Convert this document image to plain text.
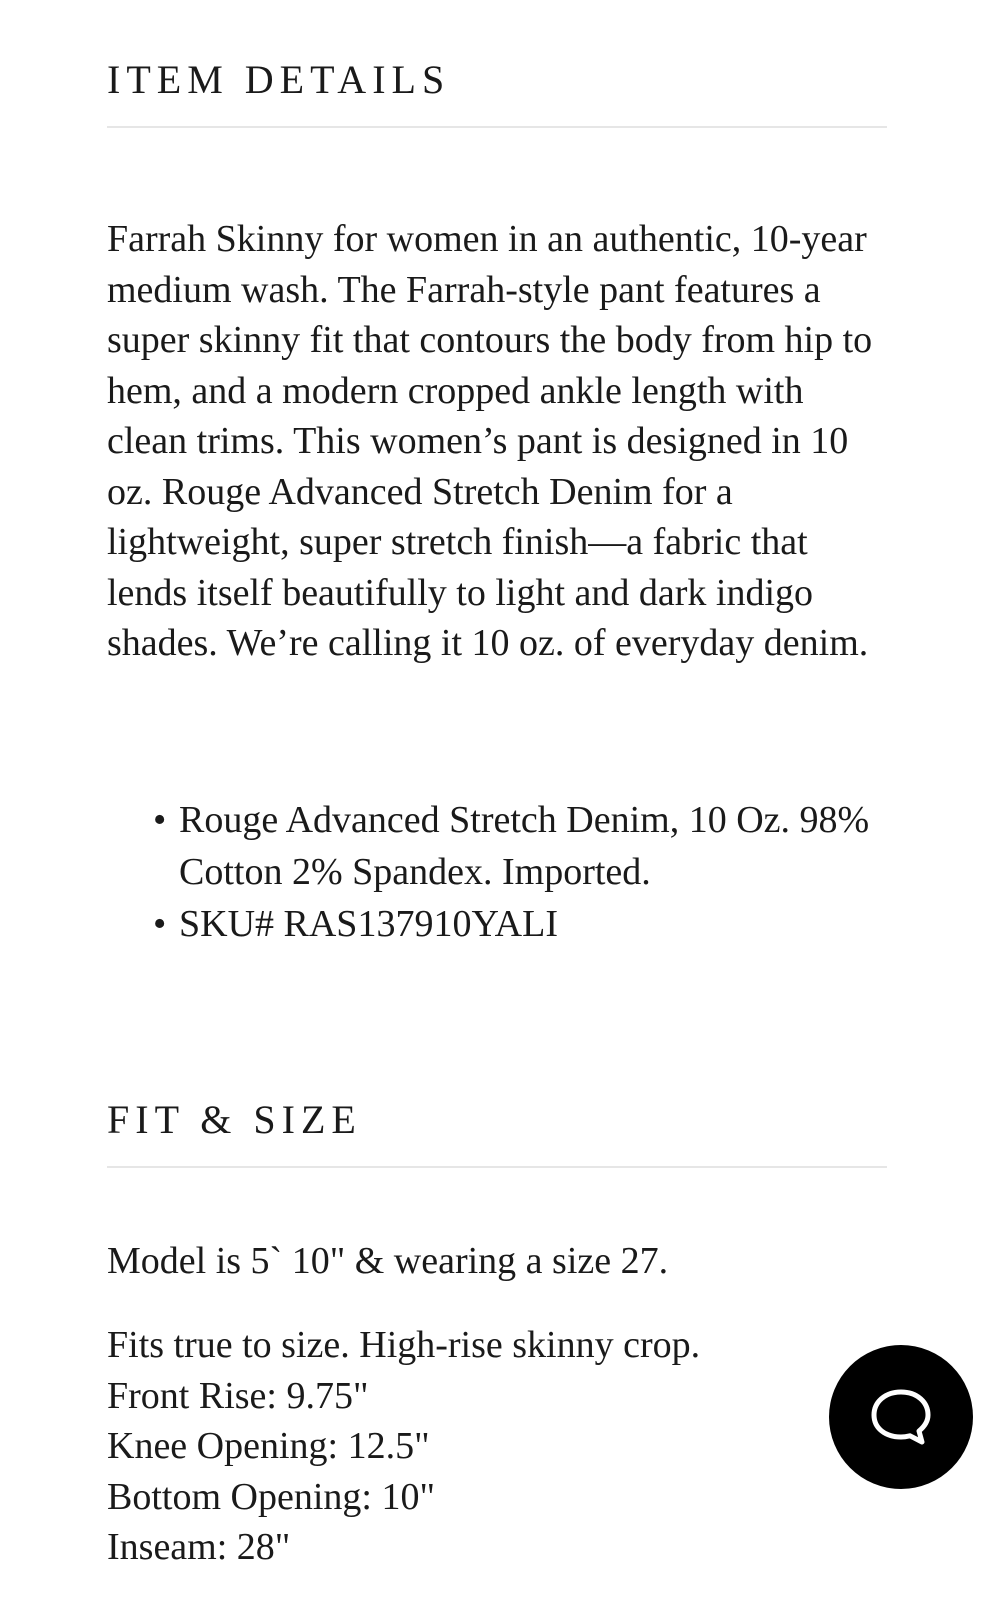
ITEM DETAILS

Farrah Skinny for women in an authentic, 10-year medium wash. The Farrah-style pant features a super skinny fit that contours the body from hip to hem, and a modern cropped ankle length with clean trims. This women’s pant is designed in 10 oz. Rouge Advanced Stretch Denim for a lightweight, super stretch finish—a fabric that lends itself beautifully to light and dark indigo shades. We’re calling it 10 oz. of everyday denim.

• Rouge Advanced Stretch Denim, 10 Oz. 98% Cotton 2% Spandex. Imported.
• SKU# RAS137910YALI
FIT & SIZE

Model is 5` 10" & wearing a size 27.

Fits true to size. High-rise skinny crop.
Front Rise: 9.75"
Knee Opening: 12.5"
Bottom Opening: 10"
Inseam: 28"
